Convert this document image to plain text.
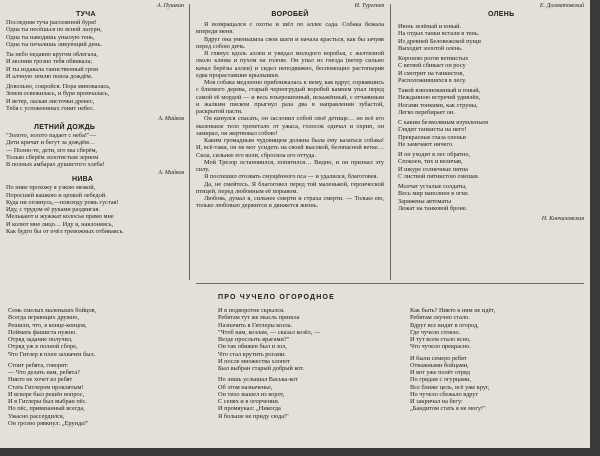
А. Пушкин

ТУЧА

Последняя туча рассеянной бури!

Одна ты несёшься по ясной лазури,

Одна ты наводишь унылую тень,

Одна ты печалишь ликующий день.

Ты небо недавно кругом облегала,

И молния грозно тебя обвивала;

И ты издавала таинственный гром

И алчную землю поила дождём.

Довольно, сокройся. Пора миновалась,

Земля освежилась, и буря промчалась,

И ветер, лаская листочки древес,

Тебя с успокоенных гонит небес.

А. Майков

ЛЕТНИЙ ДОЖДЬ

"Золото, золото падает с неба!"—

Дети кричат и бегут за дождём…

— Полно-те, дети, его мы сберём,

Только сберём золотистым зерном

В полных амбарах душистого хлеба!

А. Майков

НИВА

По ниве прохожу я узкою межой,

Поросшей кашкою и цепкой лебедой.

Куда ни оглянусь,—повсюду рожь густая!

Иду, с трудом её руками раздвигая.

Мелькают и жужжат колосья прямо мне

И колют мне лицо… Иду я, наклоняясь,

Как будто бы от пчёл тревожных отбиваясь.

И. Тургенев

ВОРОБЕЙ

Я возвращался с охоты и шёл по аллее сада. Собака бежала впереди меня.

Вдруг она уменьшила свои шаги и начала красться, как бы зачуяв перед собою дичь.

Я глянул вдоль аллеи и увидал молодого воробья, с желтизной около клюва и пухом на голове. Он упал из гнезда (ветер сильно качал берёзы аллеи) и сидел неподвижно, беспомощно растопырив едва прораставшие крылышки.

Моя собака медленно приближалась к нему, как вдруг, сорвавшись с близкого дерева, старый черногрудый воробей камнем упал перед самой её мордой — и весь взъерошенный, искажённый, с отчаянным и жалким писком прыгнул раза два в направлении зубастой, раскрытой пасти.

Он кинулся спасать, он заслонил собой своё детище… но всё его маленькое тело трепетало от ужаса, голосок одичал и охрип, он замирал, он жертвовал собою!

Каким громадным чудовищем должна была ему казаться собака! И, всё-таки, он не мог усидеть на своей высокой, безопасной ветке… Сила, сильнее его воли, сбросила его оттуда.

Мой Трезор остановился, попятился… Видно, и он признал эту силу.

Я поспешил отозвать смущённого пса — и удалился, благоговея.

Да, не смейтесь. Я благоговел перед той маленькой, героической птицей, перед любовным её порывом.

Любовь, думал я, сильнее смерти и страха смерти. — Только ею, только любовью держится и движется жизнь.

Е. Долматовский

ОЛЕНЬ

Июнь зелёный и юный.

На отдых танки встали в тень.

Из древней Беловежской пущи

Выходит золотой олень.

Короною рогов ветвистых

С ветвей сбивает он росу

И смотрит на танкистов,

Расположившихся в лесу.

Такой взволнованный и юный,

Нежданною встречей удивлён,

Ногами тонкими, как струны,

Легко перебирает он.

С каким безмолвным изумленьем

Глядит танкисты на него!

Прекрасные глаза оленьи

Не замечают ничего.

И он уходит в лес обратно,

Спокоен, тих и величав,

И шкуре солнечные пятна

С листвой пятнистою смешав.

Молчат усталые солдаты,

Весь мир наполнен в огне.

Заряжены автоматы

Лежат на танковой броне.

Н. Кончаловская

ПРО ЧУЧЕЛО ОГОРОДНОЕ

Семь смелых маленьких бойцов,

Всегда играющих дружно,

Решили, что, в конце-концов,

Поймать фашиста нужно.

Отряд задание получил,

Отряд уж в полной сборе,

Что Гитлер в плен захвачен был.

Стоит ребята, говорят:

— Что делать нам, ребята?

Никто не хочет из ребят

Стать Гитлером проклятым!

И вскоре был решён вопрос,

И в Гитлеры был выбран пёс.

Но пёс, привязанный всегда,

Ужасно рассердился,

Он грозно рявкнул: „Ерунда!"

И в подворотне скрылся.

Ребятам тут же мысль пришла

Назначить в Гитлеры козла.

"Чтоб нам, козлам, — сказал козёл, —

Везде прослыть врагами?"

Он так обижен был и зол,

Что стал крутить рогами.

И после множества хлопот

Был выбран старый добрый кот.

Но лишь услышал Васька-кот

Об этом назначенье,

Он тихо вышел из ворот,

С сенях и в огорчении.

И промяукал: „Никогда

Я больше не приду сюда!"

Как быть? Никто к ним не идёт,

Ребятам скучно стало.

Вдруг все видят в огород,

Где чучело стояло.

И тут всем стало ясно,

Что чучело прекрасно.

И были семеро ребят

Отважными бойцами,

И вот уже полёт отряд

По грядам с огурцами,

Все ближе цель, всё уже круг,

Но чучело сбежало вдруг

И закричал на бегу:

„Бандитом стать я не могу!"
